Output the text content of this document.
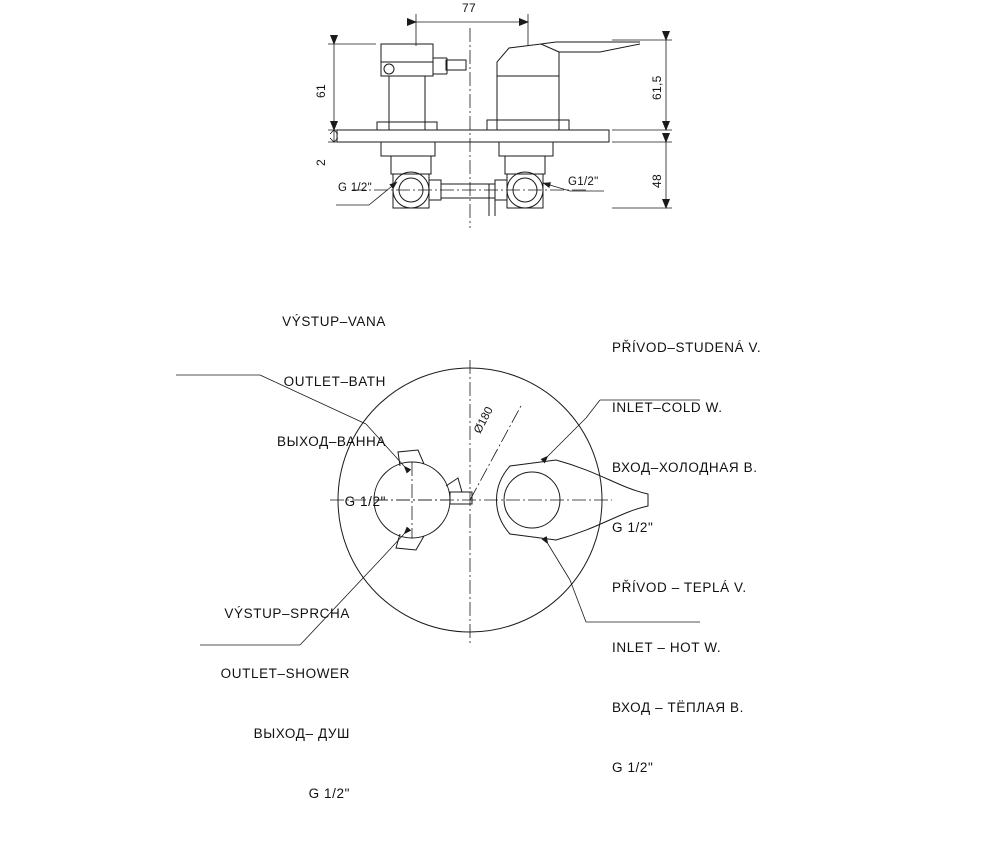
77
61
2
61,5
48
G 1/2"	G1/2"
Ø180

VÝSTUP–VANA

OUTLET–BATH

ВЫХОД–ВАННА

G 1/2"

PŘÍVOD–STUDENÁ V.

INLET–COLD W.

ВХОД–ХОЛОДНАЯ В.

G 1/2"

VÝSTUP–SPRCHA

OUTLET–SHOWER

ВЫХОД– ДУШ

G 1/2"

PŘÍVOD – TEPLÁ V.

INLET – HOT W.

ВХОД – ТЁПЛАЯ В.

G 1/2"
